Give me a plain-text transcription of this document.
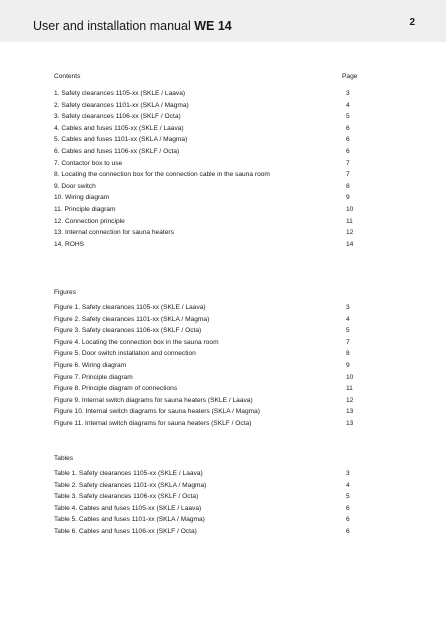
User and installation manual WE 14	2
Contents	Page
1. Safety clearances 1105-xx (SKLE / Laava)	3
2. Safety clearances 1101-xx (SKLA / Magma)	4
3. Safety clearances 1106-xx (SKLF / Octa)	5
4. Cables and fuses 1105-xx (SKLE / Laava)	6
5. Cables and fuses 1101-xx (SKLA / Magma)	6
6. Cables and fuses 1106-xx (SKLF / Octa)	6
7. Contactor box to use	7
8. Locating the connection box for the connection cable in the sauna room	7
9. Door switch	8
10. Wiring diagram	9
11. Principle diagram	10
12. Connection principle	11
13. Internal connection for sauna heaters	12
14. ROHS	14
Figures
Figure 1. Safety clearances 1105-xx (SKLE / Laava)	3
Figure 2. Safety clearances 1101-xx (SKLA / Magma)	4
Figure 3. Safety clearances 1106-xx (SKLF / Octa)	5
Figure 4. Locating the connection box in the sauna room	7
Figure 5. Door switch installation and connection	8
Figure 6. Wiring diagram	9
Figure 7. Principle diagram	10
Figure 8. Principle diagram of connections	11
Figure 9. Internal switch diagrams for sauna heaters (SKLE / Laava)	12
Figure 10. Internal switch diagrams for sauna heaters (SKLA / Magma)	13
Figure 11. Internal switch diagrams for sauna heaters (SKLF / Octa)	13
Tables
Table 1. Safety clearances 1105-xx (SKLE / Laava)	3
Table 2. Safety clearances 1101-xx (SKLA / Magma)	4
Table 3. Safety clearances 1106-xx (SKLF / Octa)	5
Table 4. Cables and fuses 1105-xx (SKLE / Laava)	6
Table 5. Cables and fuses 1101-xx (SKLA / Magma)	6
Table 6. Cables and fuses 1106-xx (SKLF / Octa)	6
